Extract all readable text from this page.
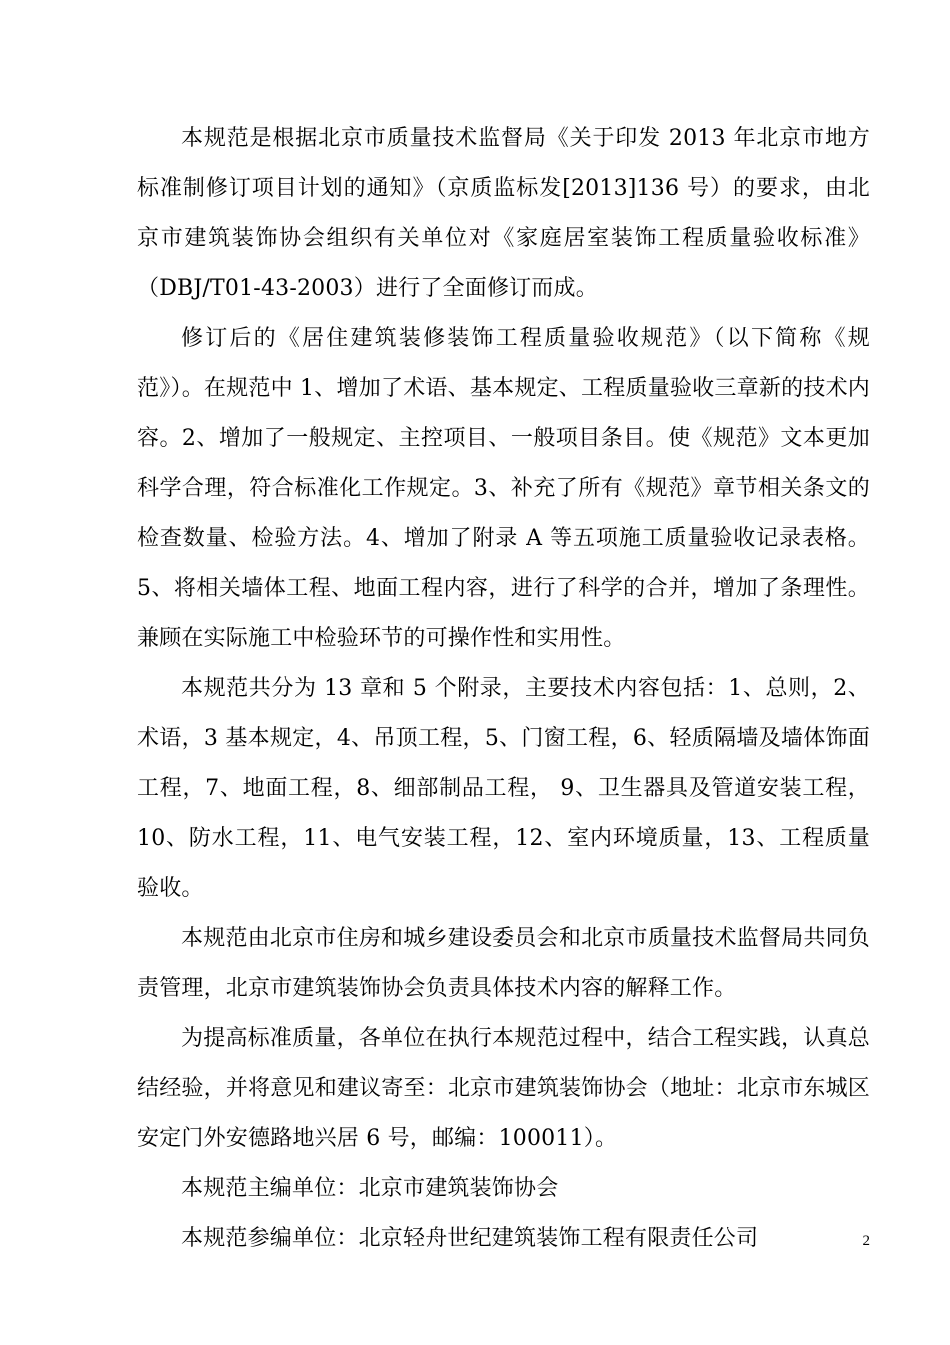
本规范是根据北京市质量技术监督局《关于印发 2013 年北京市地方标准制修订项目计划的通知》（京质监标发[2013]136 号）的要求，由北京市建筑装饰协会组织有关单位对《家庭居室装饰工程质量验收标准》（DBJ/T01-43-2003）进行了全面修订而成。

修订后的《居住建筑装修装饰工程质量验收规范》（以下简称《规范》）。在规范中 1、增加了术语、基本规定、工程质量验收三章新的技术内容。2、增加了一般规定、主控项目、一般项目条目。使《规范》文本更加科学合理，符合标准化工作规定。3、补充了所有《规范》章节相关条文的检查数量、检验方法。4、增加了附录 A 等五项施工质量验收记录表格。5、将相关墙体工程、地面工程内容，进行了科学的合并，增加了条理性。兼顾在实际施工中检验环节的可操作性和实用性。

本规范共分为 13 章和 5 个附录，主要技术内容包括：1、总则，2、术语，3 基本规定，4、吊顶工程，5、门窗工程，6、轻质隔墙及墙体饰面工程，7、地面工程，8、细部制品工程， 9、卫生器具及管道安装工程，10、防水工程，11、电气安装工程，12、室内环境质量，13、工程质量验收。

本规范由北京市住房和城乡建设委员会和北京市质量技术监督局共同负责管理，北京市建筑装饰协会负责具体技术内容的解释工作。

为提高标准质量，各单位在执行本规范过程中，结合工程实践，认真总结经验，并将意见和建议寄至：北京市建筑装饰协会（地址：北京市东城区安定门外安德路地兴居 6 号，邮编：100011）。

本规范主编单位：北京市建筑装饰协会

本规范参编单位：北京轻舟世纪建筑装饰工程有限责任公司	2
